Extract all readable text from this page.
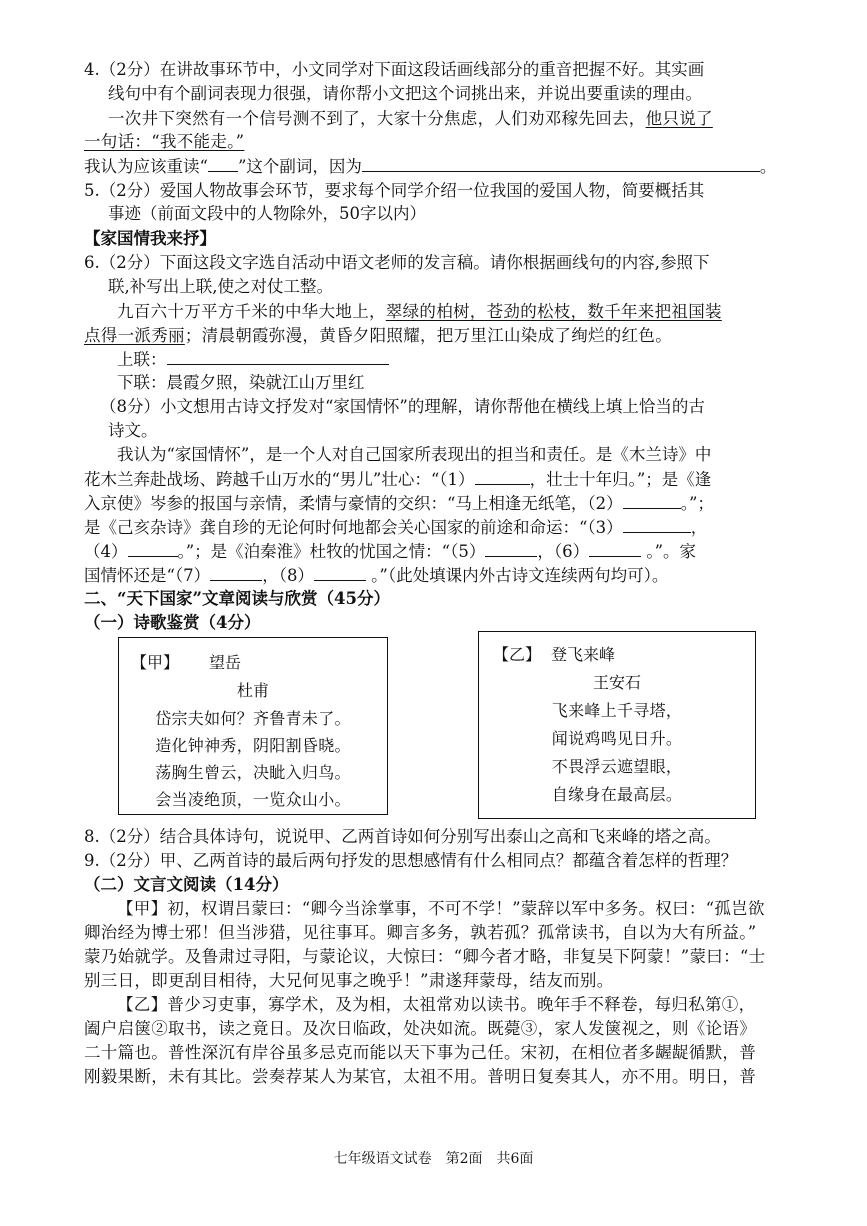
4.（2分）在讲故事环节中，小文同学对下面这段话画线部分的重音把握不好。其实画
线句中有个副词表现力很强，请你帮小文把这个词挑出来，并说出要重读的理由。
一次井下突然有一个信号测不到了，大家十分焦虑，人们劝邓稼先回去，他只说了
一句话：“我不能走。”
我认为应该重读“ ”这个副词，因为	。
5.（2分）爱国人物故事会环节，要求每个同学介绍一位我国的爱国人物，简要概括其
事迹（前面文段中的人物除外，50字以内）
【家国情我来抒】
6.（2分）下面这段文字选自活动中语文老师的发言稿。请你根据画线句的内容,参照下
联,补写出上联,使之对仗工整。
九百六十万平方千米的中华大地上，翠绿的柏树，苍劲的松枝，数千年来把祖国装
点得一派秀丽；清晨朝霞弥漫，黄昏夕阳照耀，把万里江山染成了绚烂的红色。
上联：
下联：晨霞夕照，染就江山万里红
（8分）小文想用古诗文抒发对“家国情怀”的理解，请你帮他在横线上填上恰当的古
诗文。
我认为“家国情怀”，是一个人对自己国家所表现出的担当和责任。是《木兰诗》中
花木兰奔赴战场、跨越千山万水的“男儿”壮心：“（1）	，壮士十年归。”；是《逢
入京使》岑参的报国与亲情，柔情与豪情的交织：“马上相逢无纸笔，（2）	。”；
是《己亥杂诗》龚自珍的无论何时何地都会关心国家的前途和命运：“（3）	，
（4）	。”；是《泊秦淮》杜牧的忧国之情：“（5）	，（6）	。”。家
国情怀还是“（7）	，（8）	。”（此处填课内外古诗文连续两句均可）。
二、“天下国家”文章阅读与欣赏（45分）
（一）诗歌鉴赏（4分）
【甲】	望岳
杜甫
岱宗夫如何？齐鲁青未了。
造化钟神秀，阴阳割昏晓。
荡胸生曾云，决眦入归鸟。
会当凌绝顶，一览众山小。
【乙】 登飞来峰
王安石
飞来峰上千寻塔，
闻说鸡鸣见日升。
不畏浮云遮望眼，
自缘身在最高层。
8.（2分）结合具体诗句，说说甲、乙两首诗如何分别写出泰山之高和飞来峰的塔之高。
9.（2分）甲、乙两首诗的最后两句抒发的思想感情有什么相同点？都蕴含着怎样的哲理？
（二）文言文阅读（14分）
【甲】初，权谓吕蒙曰：“卿今当涂掌事，不可不学！”蒙辞以军中多务。权曰：“孤岂欲
卿治经为博士邪！但当涉猎，见往事耳。卿言多务，孰若孤？孤常读书，自以为大有所益。”
蒙乃始就学。及鲁肃过寻阳，与蒙论议，大惊曰：“卿今者才略，非复吴下阿蒙！”蒙曰：“士
别三日，即更刮目相待，大兄何见事之晚乎！”肃遂拜蒙母，结友而别。
【乙】普少习吏事，寡学术，及为相，太祖常劝以读书。晚年手不释卷，每归私第①，
阖户启箧②取书，读之竟日。及次日临政，处决如流。既薨③，家人发箧视之，则《论语》
二十篇也。普性深沉有岸谷虽多忌克而能以天下事为己任。宋初，在相位者多龌龊循默，普
刚毅果断，未有其比。尝奏荐某人为某官，太祖不用。普明日复奏其人，亦不用。明日，普
七年级语文试卷　第2面　共6面
